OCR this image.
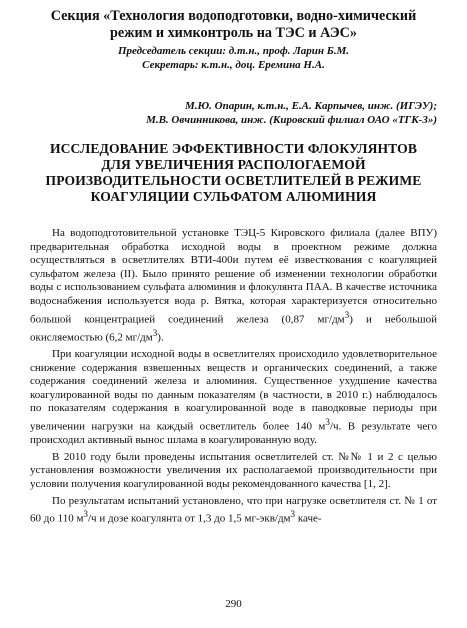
Секция «Технология водоподготовки, водно-химический режим и химконтроль на ТЭС и АЭС»

Председатель секции: д.т.н., проф. Ларин Б.М.

Секретарь: к.т.н., доц. Еремина Н.А.

М.Ю. Опарин, к.т.н., Е.А. Карпычев, инж. (ИГЭУ);
М.В. Овчинникова, инж. (Кировский филиал ОАО «ТГК-3»)
ИССЛЕДОВАНИЕ ЭФФЕКТИВНОСТИ ФЛОКУЛЯНТОВ ДЛЯ УВЕЛИЧЕНИЯ РАСПОЛОГАЕМОЙ ПРОИЗВОДИТЕЛЬНОСТИ ОСВЕТЛИТЕЛЕЙ В РЕЖИМЕ КОАГУЛЯЦИИ СУЛЬФАТОМ АЛЮМИНИЯ

На водоподготовительной установке ТЭЦ-5 Кировского филиала (далее ВПУ) предварительная обработка исходной воды в проектном режиме должна осуществляться в осветлителях ВТИ-400и путем её известкования с коагуляцией сульфатом железа (II). Было принято решение об изменении технологии обработки воды с использованием сульфата алюминия и флокулянта ПАА. В качестве источника водоснабжения используется вода р. Вятка, которая характеризуется относительно большой концентрацией соединений железа (0,87 $мг/дм^3$) и небольшой окисляемостью (6,2 $мг/дм^3$).

При коагуляции исходной воды в осветлителях происходило удовлетворительное снижение содержания взвешенных веществ и органических соединений, а также содержания соединений железа и алюминия. Существенное ухудшение качества коагулированной воды по данным показателям (в частности, в 2010 г.) наблюдалось по показателям содержания в коагулированной воде в паводковые периоды при увеличении нагрузки на каждый осветлитель более 140 $м^3/ч$. В результате чего происходил активный вынос шлама в коагулированную воду.

В 2010 году были проведены испытания осветлителей ст. №№ 1 и 2 с целью установления возможности увеличения их располагаемой производительности при условии получения коагулированной воды рекомендованного качества [1, 2].

По результатам испытаний установлено, что при нагрузке осветлителя ст. № 1 от 60 до 110 $м^3/ч$ и дозе коагулянта от 1,3 до 1,5 $мг-экв/дм^3$ каче-

290
